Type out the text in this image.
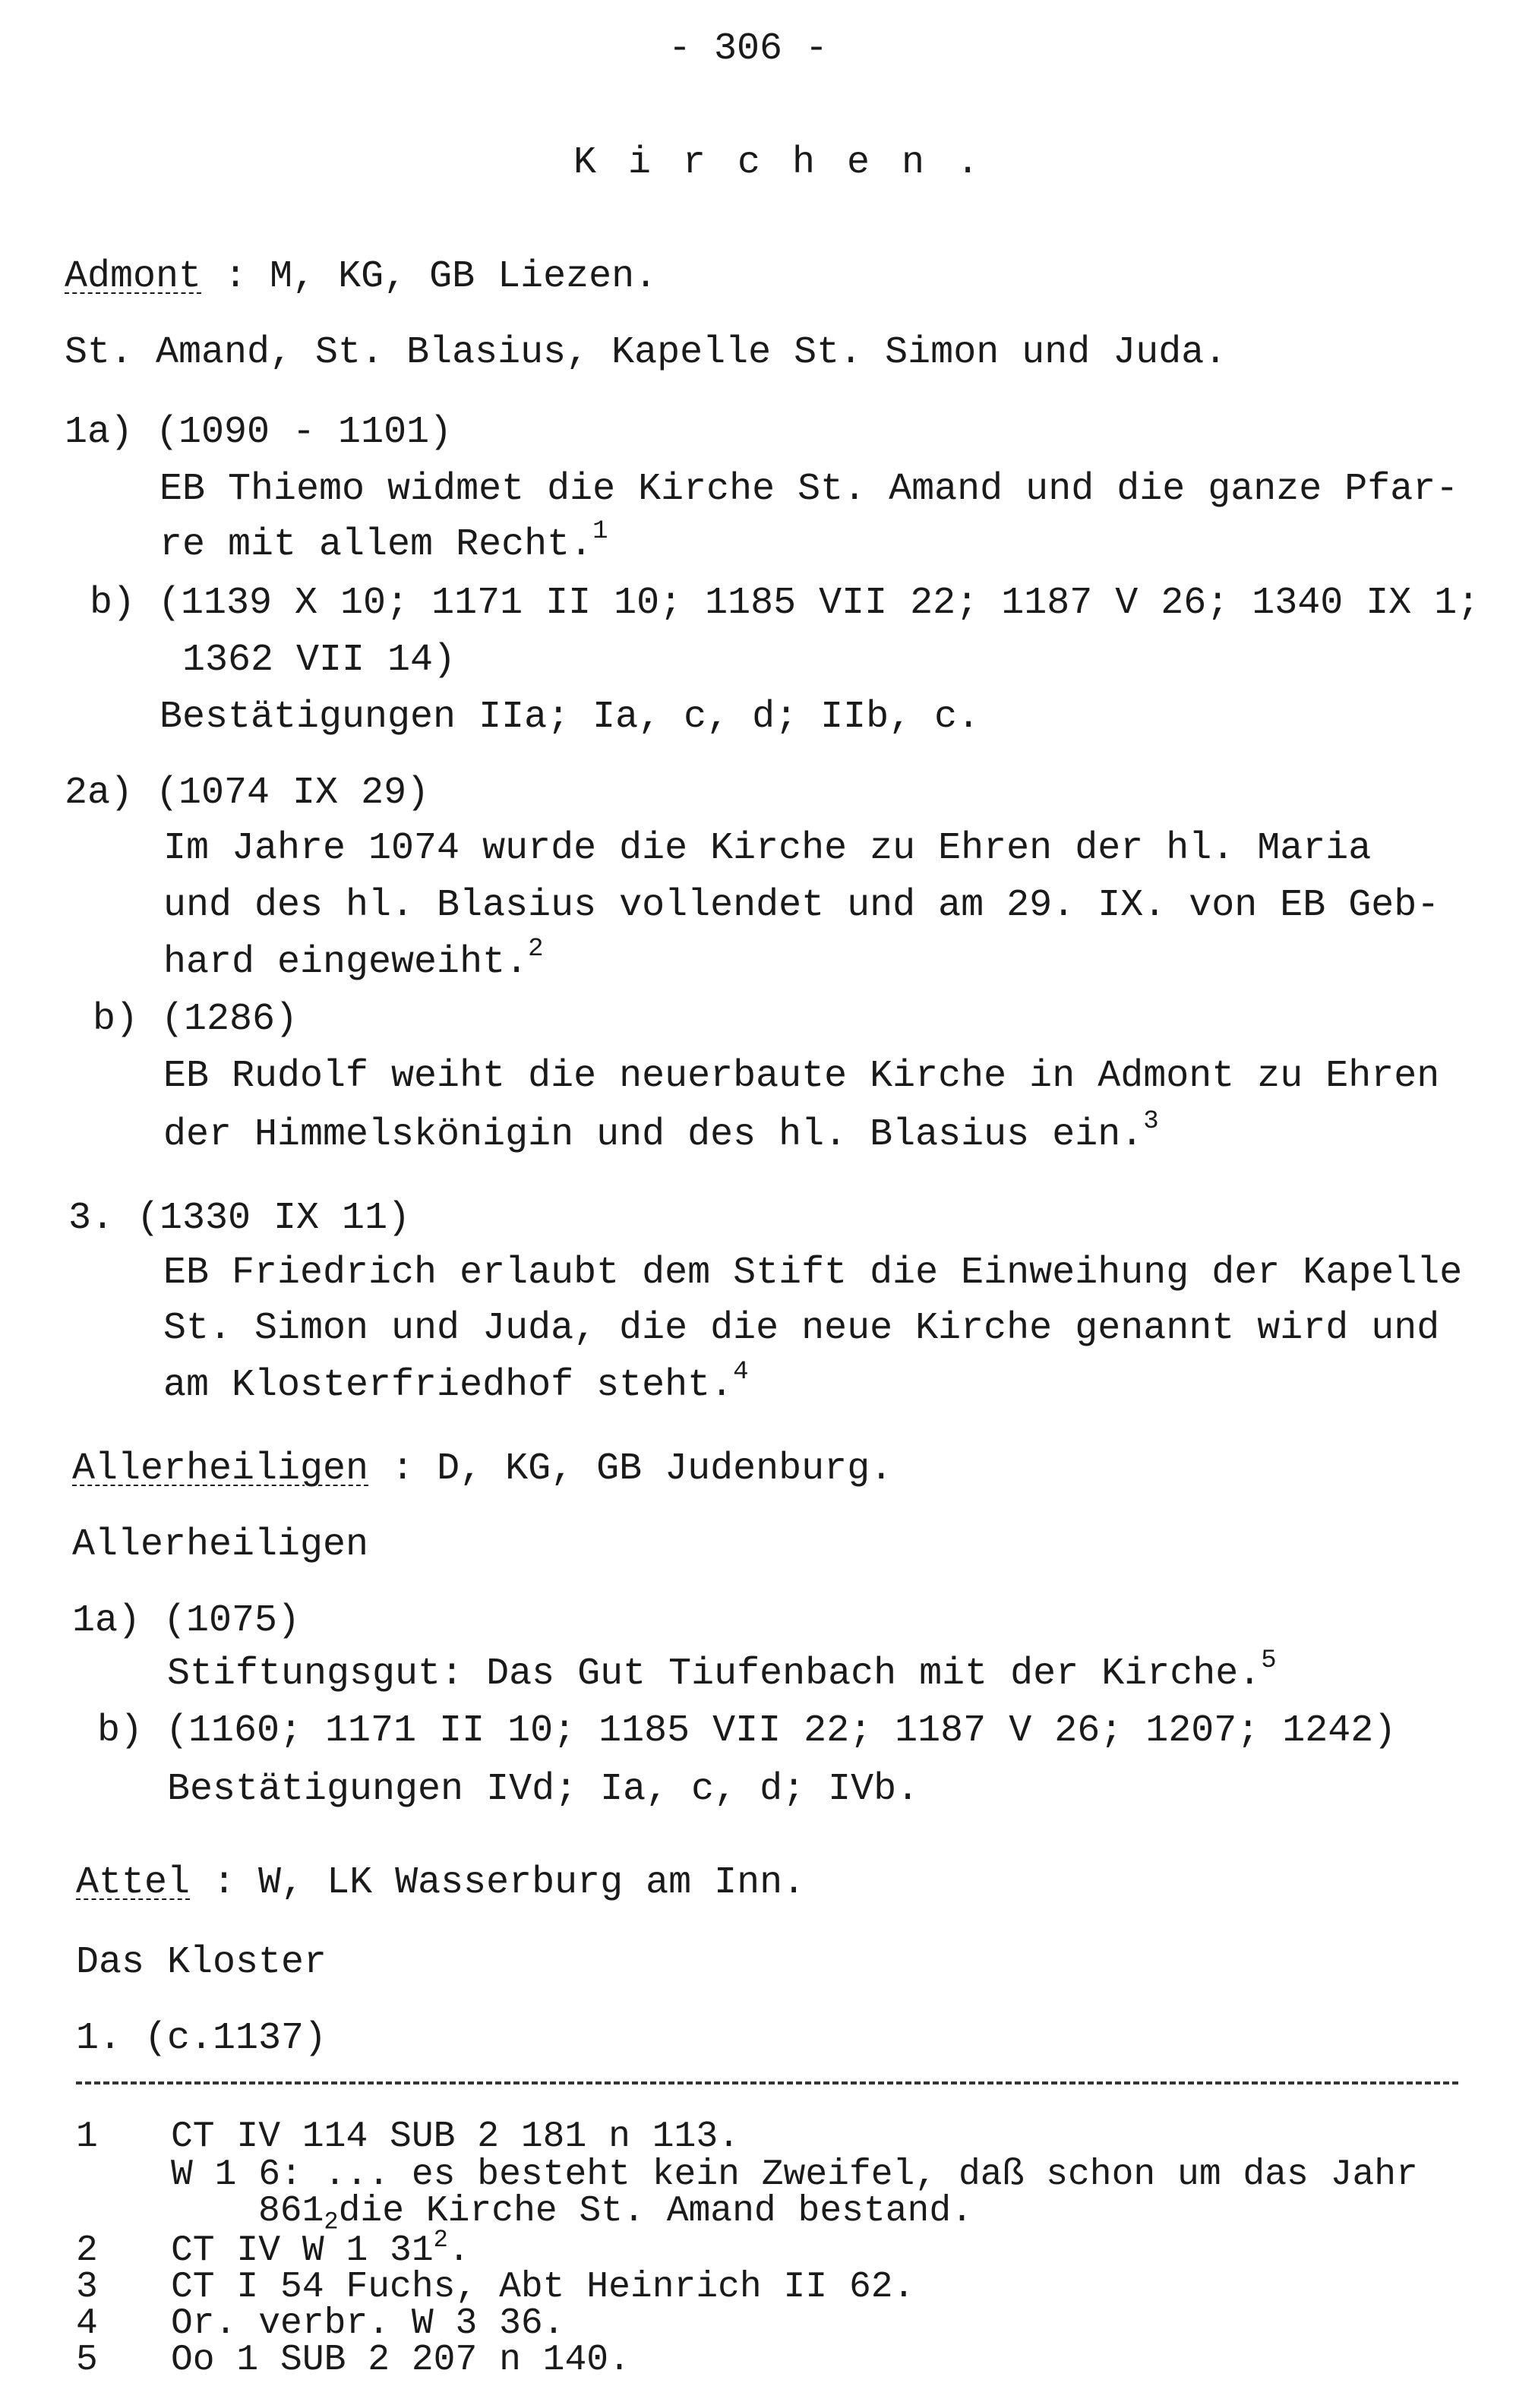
- 306 -
K i r c h e n .
Admont : M, KG, GB Liezen.
St. Amand, St. Blasius, Kapelle St. Simon und Juda.
1a) (1090 - 1101)
EB Thiemo widmet die Kirche St. Amand und die ganze Pfar-
re mit allem Recht.$^1$
b) (1139 X 10; 1171 II 10; 1185 VII 22; 1187 V 26; 1340 IX 1;
1362 VII 14)
Bestätigungen IIa; Ia, c, d; IIb, c.
2a) (1074 IX 29)
Im Jahre 1074 wurde die Kirche zu Ehren der hl. Maria
und des hl. Blasius vollendet und am 29. IX. von EB Geb-
hard eingeweiht.$^2$
b) (1286)
EB Rudolf weiht die neuerbaute Kirche in Admont zu Ehren
der Himmelskönigin und des hl. Blasius ein.$^3$
3. (1330 IX 11)
EB Friedrich erlaubt dem Stift die Einweihung der Kapelle
St. Simon und Juda, die die neue Kirche genannt wird und
am Klosterfriedhof steht.$^4$
Allerheiligen : D, KG, GB Judenburg.
Allerheiligen
1a) (1075)
Stiftungsgut: Das Gut Tiufenbach mit der Kirche.$^5$
b) (1160; 1171 II 10; 1185 VII 22; 1187 V 26; 1207; 1242)
Bestätigungen IVd; Ia, c, d; IVb.
Attel : W, LK Wasserburg am Inn.
Das Kloster
1. (c.1137)
1 CT IV 114 SUB 2 181 n 113.
W 1 6: ... es besteht kein Zweifel, daß schon um das Jahr
$861_2die$ Kirche St. Amand bestand.
2 CT IV W 1 $31^2$.
3 CT I 54 Fuchs, Abt Heinrich II 62.
4 Or. verbr. W 3 36.
5 Oo 1 SUB 2 207 n 140.
